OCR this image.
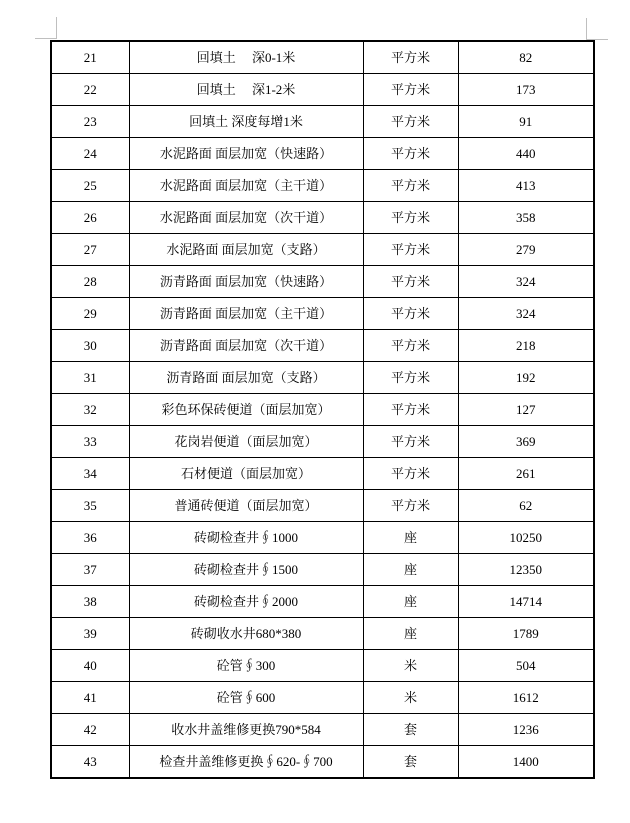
21	回填土　 深0-1米	平方米	82
22	回填土　 深1-2米	平方米	173
23	回填土 深度每增1米	平方米	91
24	水泥路面 面层加宽（快速路）	平方米	440
25	水泥路面 面层加宽（主干道）	平方米	413
26	水泥路面 面层加宽（次干道）	平方米	358
27	水泥路面 面层加宽（支路）	平方米	279
28	沥青路面 面层加宽（快速路）	平方米	324
29	沥青路面 面层加宽（主干道）	平方米	324
30	沥青路面 面层加宽（次干道）	平方米	218
31	沥青路面 面层加宽（支路）	平方米	192
32	彩色环保砖便道（面层加宽）	平方米	127
33	花岗岩便道（面层加宽）	平方米	369
34	石材便道（面层加宽）	平方米	261
35	普通砖便道（面层加宽）	平方米	62
36	砖砌检查井∮1000	座	10250
37	砖砌检查井∮1500	座	12350
38	砖砌检查井∮2000	座	14714
39	砖砌收水井680*380	座	1789
40	砼管∮300	米	504
41	砼管∮600	米	1612
42	收水井盖维修更换790*584	套	1236
43	检查井盖维修更换∮620-∮700	套	1400
